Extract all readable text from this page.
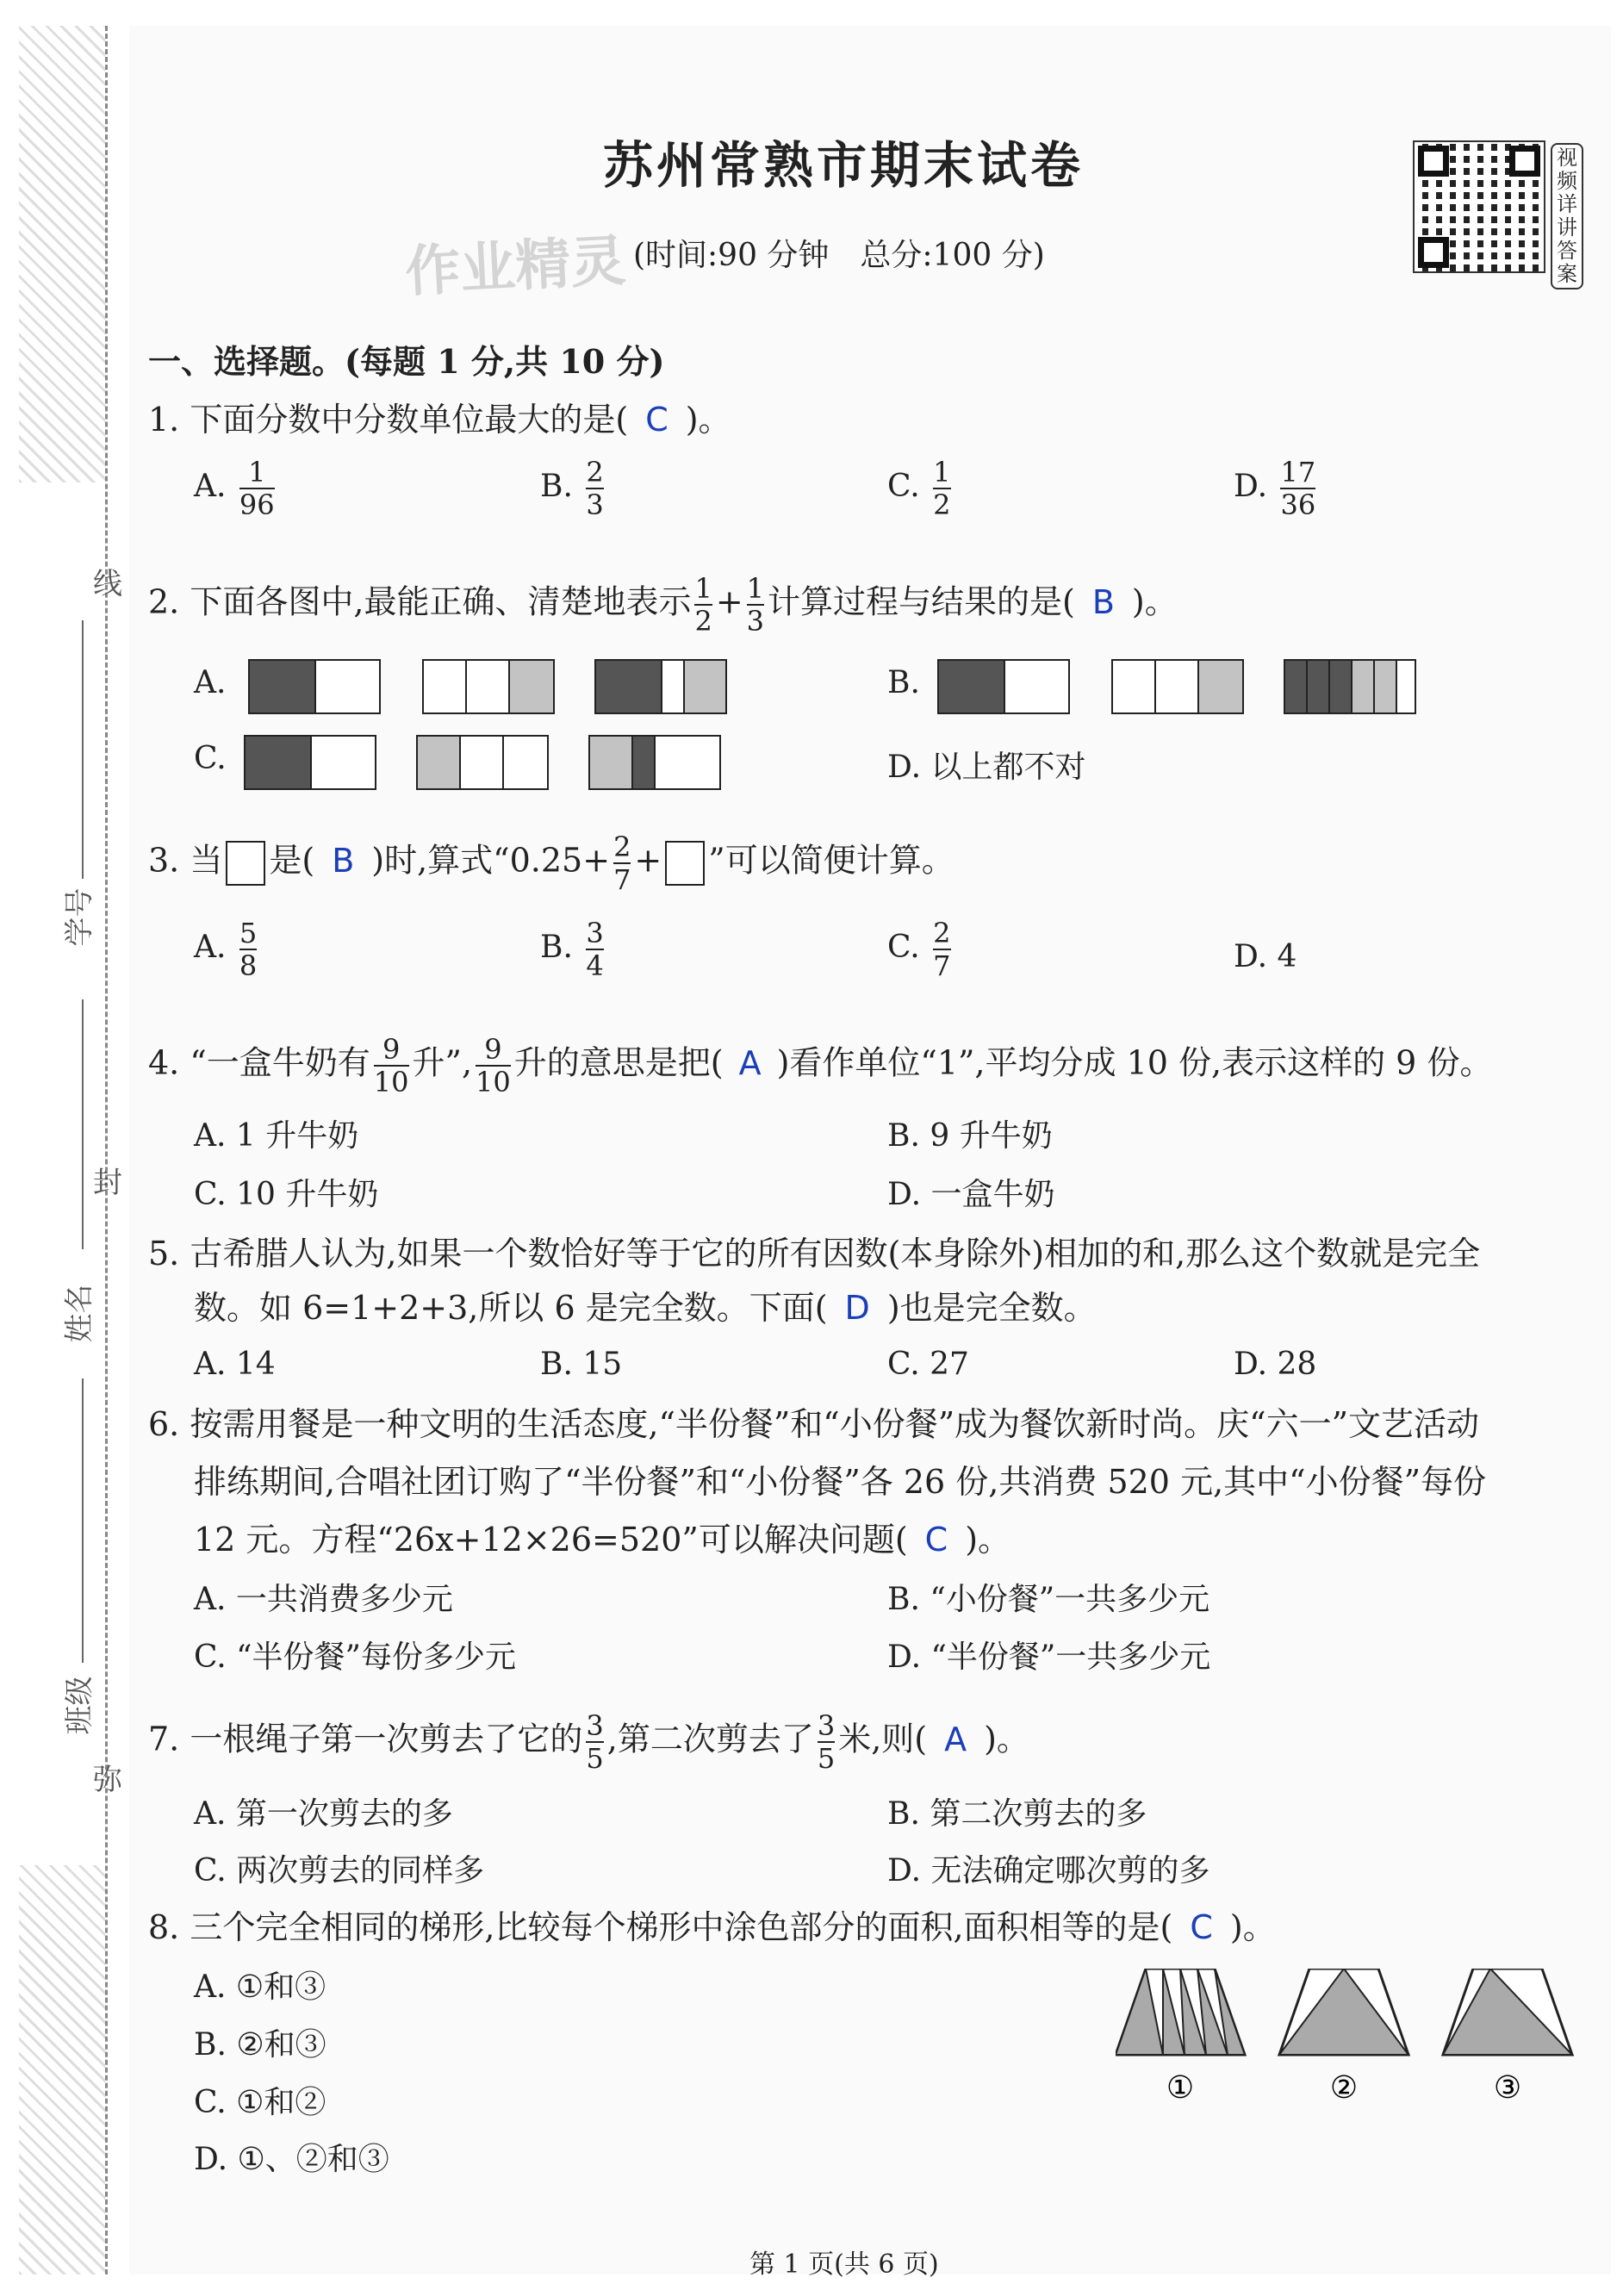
线
学号
封
姓名
班级
弥
苏州常熟市期末试卷
作业精灵 (时间:90 分钟　总分:100 分)
视
频
详
讲
答
案
一、选择题。(每题 1 分,共 10 分)
1. 下面分数中分数单位最大的是( C )。
A. $\frac{1}{96}$	B. $\frac{2}{3}$	C. $\frac{1}{2}$	D. $\frac{17}{36}$
2. 下面各图中,最能正确、清楚地表示 $\frac{1}{2} + \frac{1}{3}$ 计算过程与结果的是( B )。
A.	B.
C.	D. 以上都不对
3. 当 是( B )时,算式“$0.25+ \frac{2}{7}$ + ”可以简便计算。
A. $\frac{5}{8}$	B. $\frac{3}{4}$	C. $\frac{2}{7}$	D. 4
4. “一盒牛奶有 $\frac{9}{10}$ 升”, $\frac{9}{10}$ 升的意思是把( A )看作单位“1”,平均分成 10 份,表示这样的 9 份。
A. 1 升牛奶	B. 9 升牛奶
C. 10 升牛奶	D. 一盒牛奶
5. 古希腊人认为,如果一个数恰好等于它的所有因数(本身除外)相加的和,那么这个数就是完全
数。如 6=1+2+3,所以 6 是完全数。下面( D )也是完全数。
A. 14	B. 15	C. 27	D. 28
6. 按需用餐是一种文明的生活态度,“半份餐”和“小份餐”成为餐饮新时尚。庆“六一”文艺活动
排练期间,合唱社团订购了“半份餐”和“小份餐”各 26 份,共消费 520 元,其中“小份餐”每份
12 元。方程“26x+12×26=520”可以解决问题( C )。
A. 一共消费多少元	B. “小份餐”一共多少元
C. “半份餐”每份多少元	D. “半份餐”一共多少元
7. 一根绳子第一次剪去了它的 $\frac{3}{5}$ ,第二次剪去了 $\frac{3}{5}$ 米,则( A )。
A. 第一次剪去的多	B. 第二次剪去的多
C. 两次剪去的同样多	D. 无法确定哪次剪的多
8. 三个完全相同的梯形,比较每个梯形中涂色部分的面积,面积相等的是( C )。
A. ①和③
B. ②和③
C. ①和②
D. ①、②和③
①	②	③
第 1 页(共 6 页)
